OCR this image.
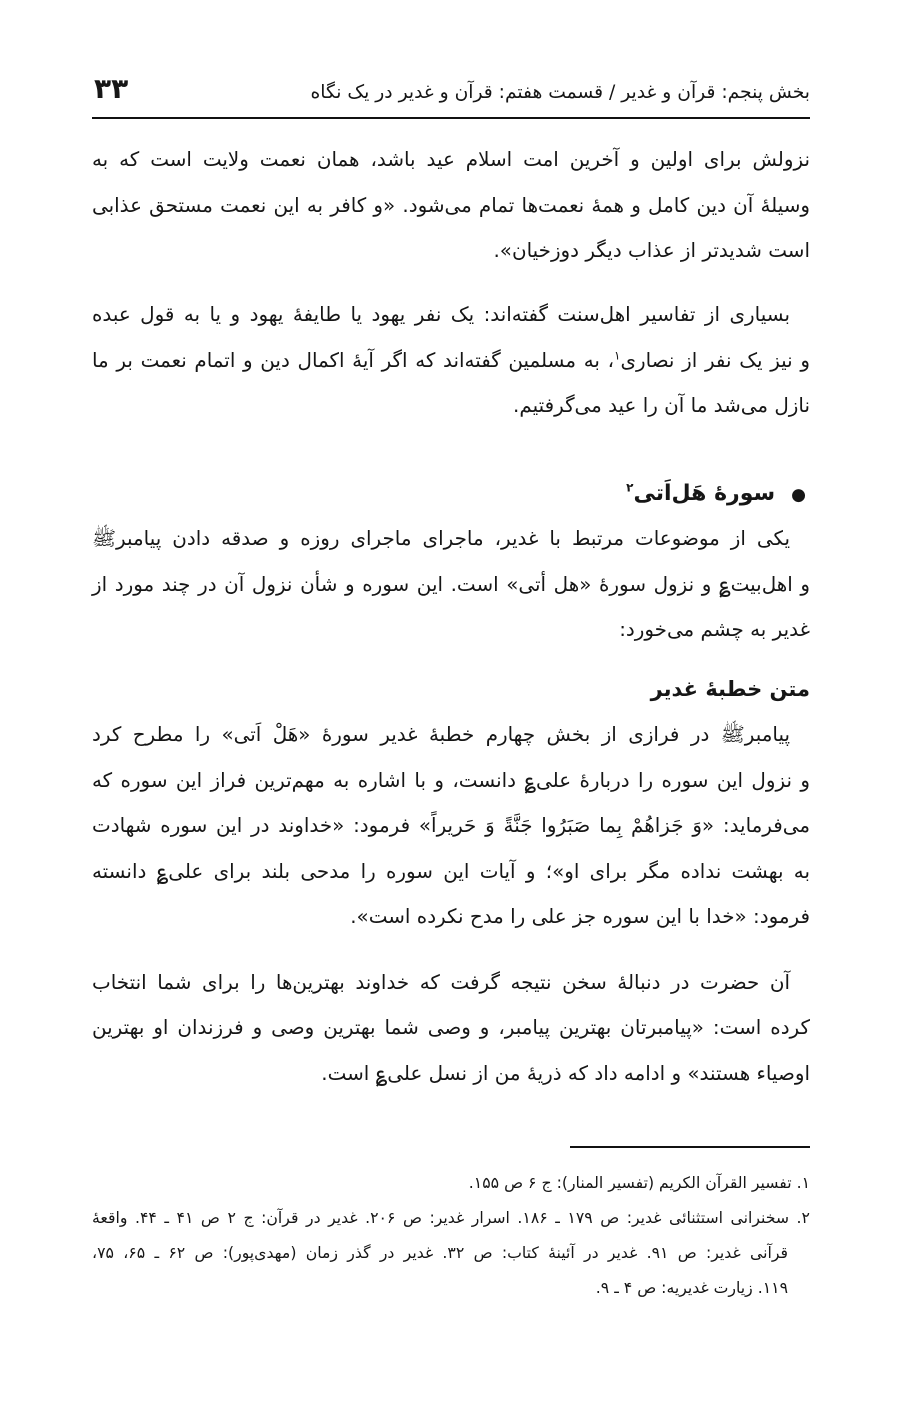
بخش پنجم: قرآن و غدیر / قسمت هفتم: قرآن و غدیر در یک نگاه
۳۳
نزولش برای اولین و آخرین امت اسلام عید باشد، همان نعمت ولایت است که به
وسیلهٔ آن دین کامل و همهٔ نعمت‌ها تمام می‌شود. «و کافر به این نعمت مستحق عذابی
است شدیدتر از عذاب دیگر دوزخیان».
بسیاری از تفاسیر اهل‌سنت گفته‌اند: یک نفر یهود یا طایفهٔ یهود و یا به قول عبده
و نیز یک نفر از نصاری$^۱$، به مسلمین گفته‌اند که اگر آیهٔ اکمال دین و اتمام نعمت بر ما
نازل می‌شد ما آن را عید می‌گرفتیم.
●سورهٔ هَل‌اَتی$^۲$
یکی از موضوعات مرتبط با غدیر، ماجرای ماجرای روزه و صدقه دادن پیامبرﷺ
و اهل‌بیت؏ و نزول سورهٔ «هل أتی» است. این سوره و شأن نزول آن در چند مورد از
غدیر به چشم می‌خورد:
متن خطبهٔ غدیر
پیامبرﷺ در فرازی از بخش چهارم خطبهٔ غدیر سورهٔ «هَلْ اَتی» را مطرح کرد
و نزول این سوره را دربارهٔ علی؏ دانست، و با اشاره به مهم‌ترین فراز این سوره که
می‌فرماید: «وَ جَزاهُمْ بِما صَبَرُوا جَنَّةً وَ حَریراً» فرمود: «خداوند در این سوره شهادت
به بهشت نداده مگر برای او»؛ و آیات این سوره را مدحی بلند برای علی؏ دانسته
فرمود: «خدا با این سوره جز علی را مدح نکرده است».
آن حضرت در دنبالهٔ سخن نتیجه گرفت که خداوند بهترین‌ها را برای شما انتخاب
کرده است: «پیامبرتان بهترین پیامبر، و وصی شما بهترین وصی و فرزندان او بهترین
اوصیاء هستند» و ادامه داد که ذریهٔ من از نسل علی؏ است.
۱. تفسیر القرآن الکریم (تفسیر المنار): ج ۶ ص ۱۵۵.
۲. سخنرانی استثنائی غدیر: ص ۱۷۹ ـ ۱۸۶. اسرار غدیر: ص ۲۰۶. غدیر در قرآن: ج ۲ ص ۴۱ ـ ۴۴. واقعهٔ
قرآنی غدیر: ص ۹۱. غدیر در آئینهٔ کتاب: ص ۳۲. غدیر در گذر زمان (مهدی‌پور): ص ۶۲ ـ ۶۵، ۷۵،
۱۱۹. زیارت غدیریه: ص ۴ ـ ۹.
